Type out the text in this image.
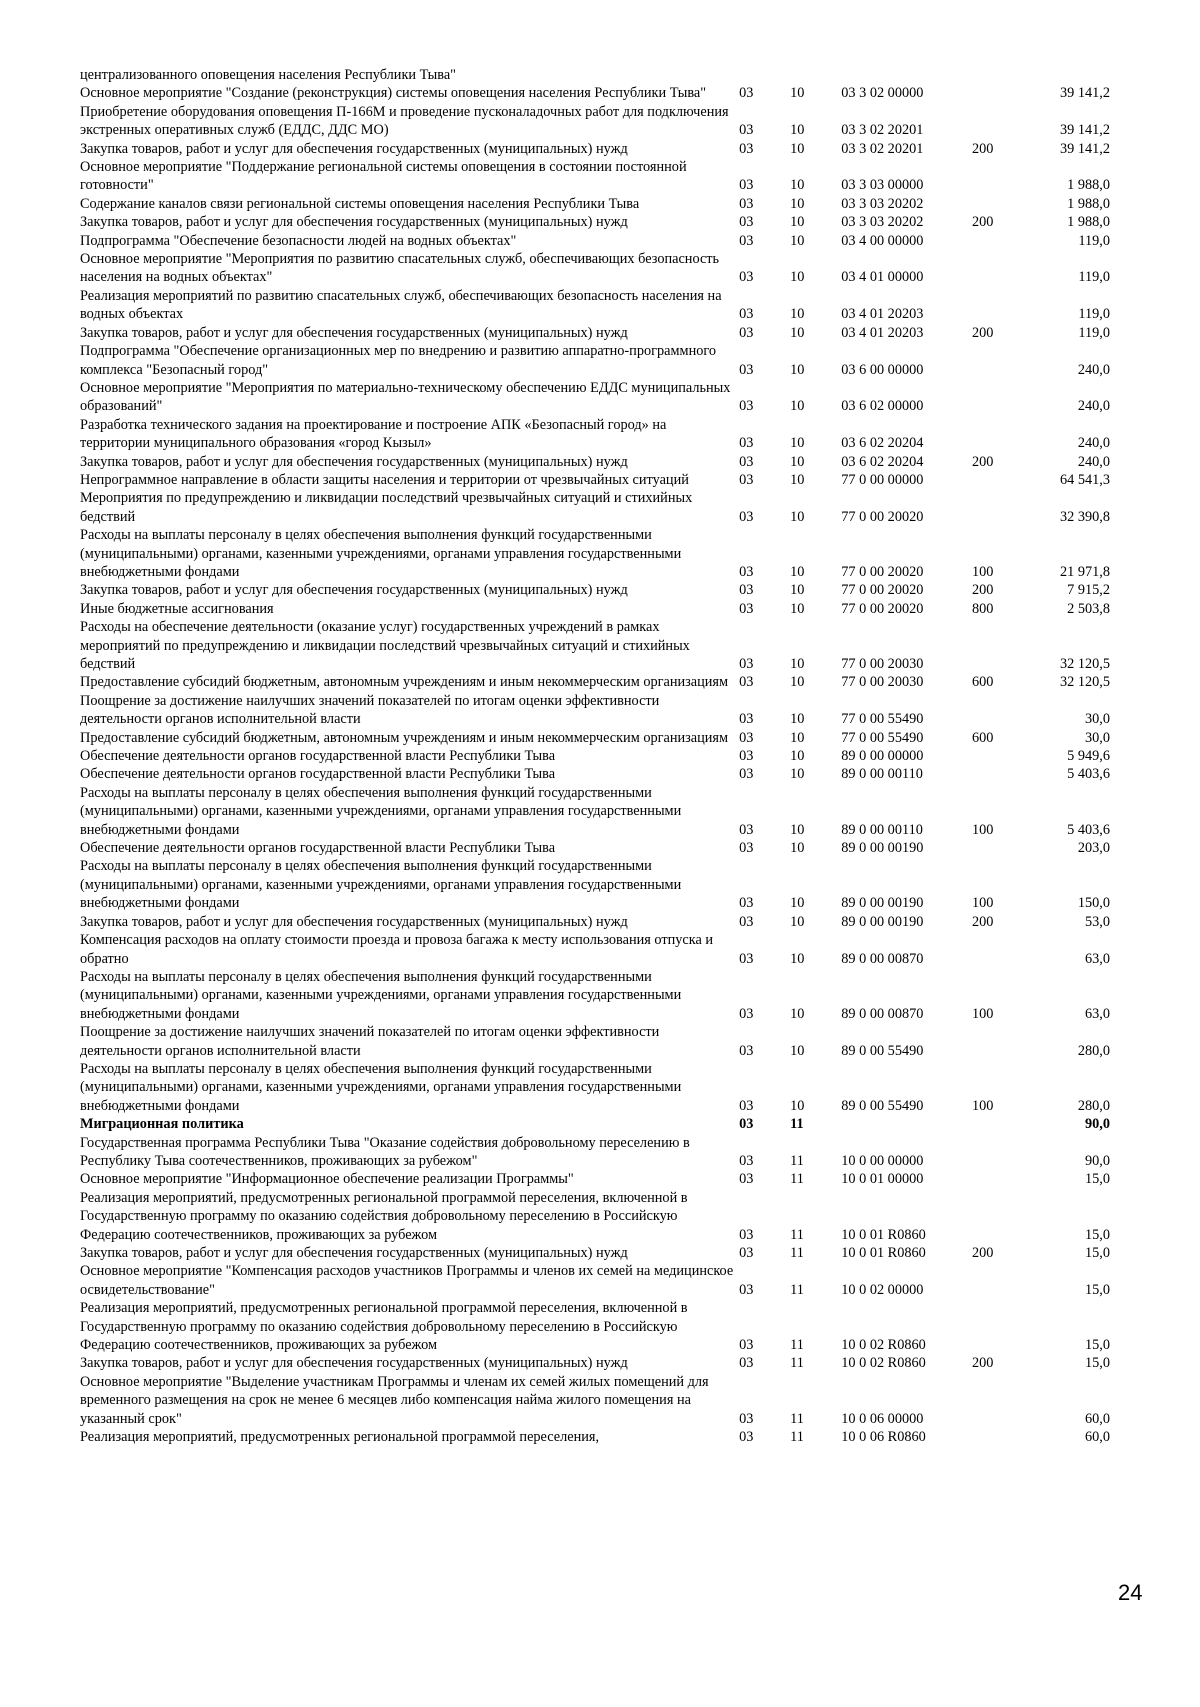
централизованного оповещения населения Республики Тыва"					
Основное мероприятие "Создание (реконструкция) системы оповещения населения Республики Тыва"	03	10	03 3 02 00000		39 141,2
Приобретение оборудования оповещения П-166М и проведение пусконаладочных работ для подключения экстренных оперативных служб (ЕДДС, ДДС МО)	03	10	03 3 02 20201		39 141,2
Закупка товаров, работ и услуг для обеспечения государственных (муниципальных) нужд	03	10	03 3 02 20201	200	39 141,2
Основное мероприятие "Поддержание региональной системы оповещения в состоянии постоянной готовности"	03	10	03 3 03 00000		1 988,0
Содержание каналов связи региональной системы оповещения населения Республики Тыва	03	10	03 3 03 20202		1 988,0
Закупка товаров, работ и услуг для обеспечения государственных (муниципальных) нужд	03	10	03 3 03 20202	200	1 988,0
Подпрограмма "Обеспечение безопасности людей на водных объектах"	03	10	03 4 00 00000		119,0
Основное мероприятие "Мероприятия по развитию спасательных служб, обеспечивающих безопасность населения на водных объектах"	03	10	03 4 01 00000		119,0
Реализация мероприятий по развитию спасательных служб, обеспечивающих безопасность населения на водных объектах	03	10	03 4 01 20203		119,0
Закупка товаров, работ и услуг для обеспечения государственных (муниципальных) нужд	03	10	03 4 01 20203	200	119,0
Подпрограмма "Обеспечение организационных мер по внедрению и развитию аппаратно-программного комплекса "Безопасный город"	03	10	03 6 00 00000		240,0
Основное мероприятие "Мероприятия по материально-техническому обеспечению ЕДДС муниципальных образований"	03	10	03 6 02 00000		240,0
Разработка технического задания на проектирование и построение АПК «Безопасный город» на территории муниципального образования «город Кызыл»	03	10	03 6 02 20204		240,0
Закупка товаров, работ и услуг для обеспечения государственных (муниципальных) нужд	03	10	03 6 02 20204	200	240,0
Непрограммное направление в области защиты населения и территории от чрезвычайных ситуаций	03	10	77 0 00 00000		64 541,3
Мероприятия по предупреждению и ликвидации последствий чрезвычайных ситуаций и стихийных бедствий	03	10	77 0 00 20020		32 390,8
Расходы на выплаты персоналу в целях обеспечения выполнения функций государственными (муниципальными) органами, казенными учреждениями, органами управления государственными внебюджетными фондами	03	10	77 0 00 20020	100	21 971,8
Закупка товаров, работ и услуг для обеспечения государственных (муниципальных) нужд	03	10	77 0 00 20020	200	7 915,2
Иные бюджетные ассигнования	03	10	77 0 00 20020	800	2 503,8
Расходы на обеспечение деятельности (оказание услуг) государственных учреждений в рамках мероприятий по предупреждению и ликвидации последствий чрезвычайных ситуаций и стихийных бедствий	03	10	77 0 00 20030		32 120,5
Предоставление субсидий бюджетным, автономным учреждениям и иным некоммерческим организациям	03	10	77 0 00 20030	600	32 120,5
Поощрение за достижение наилучших значений показателей по итогам оценки эффективности деятельности органов исполнительной власти	03	10	77 0 00 55490		30,0
Предоставление субсидий бюджетным, автономным учреждениям и иным некоммерческим организациям	03	10	77 0 00 55490	600	30,0
Обеспечение деятельности органов государственной власти Республики Тыва	03	10	89 0 00 00000		5 949,6
Обеспечение деятельности органов государственной власти Республики Тыва	03	10	89 0 00 00110		5 403,6
Расходы на выплаты персоналу в целях обеспечения выполнения функций государственными (муниципальными) органами, казенными учреждениями, органами управления государственными внебюджетными фондами	03	10	89 0 00 00110	100	5 403,6
Обеспечение деятельности органов государственной власти Республики Тыва	03	10	89 0 00 00190		203,0
Расходы на выплаты персоналу в целях обеспечения выполнения функций государственными (муниципальными) органами, казенными учреждениями, органами управления государственными внебюджетными фондами	03	10	89 0 00 00190	100	150,0
Закупка товаров, работ и услуг для обеспечения государственных (муниципальных) нужд	03	10	89 0 00 00190	200	53,0
Компенсация расходов на оплату стоимости проезда и провоза багажа к месту использования отпуска и обратно	03	10	89 0 00 00870		63,0
Расходы на выплаты персоналу в целях обеспечения выполнения функций государственными (муниципальными) органами, казенными учреждениями, органами управления государственными внебюджетными фондами	03	10	89 0 00 00870	100	63,0
Поощрение за достижение наилучших значений показателей по итогам оценки эффективности деятельности органов исполнительной власти	03	10	89 0 00 55490		280,0
Расходы на выплаты персоналу в целях обеспечения выполнения функций государственными (муниципальными) органами, казенными учреждениями, органами управления государственными внебюджетными фондами	03	10	89 0 00 55490	100	280,0
Миграционная политика	03	11			90,0
Государственная программа Республики Тыва "Оказание содействия добровольному переселению в Республику Тыва соотечественников, проживающих за рубежом"	03	11	10 0 00 00000		90,0
Основное мероприятие "Информационное обеспечение реализации Программы"	03	11	10 0 01 00000		15,0
Реализация мероприятий, предусмотренных региональной программой переселения, включенной в Государственную программу по оказанию содействия добровольному переселению в Российскую Федерацию соотечественников, проживающих за рубежом	03	11	10 0 01 R0860		15,0
Закупка товаров, работ и услуг для обеспечения государственных (муниципальных) нужд	03	11	10 0 01 R0860	200	15,0
Основное мероприятие "Компенсация расходов участников Программы и членов их семей на медицинское освидетельствование"	03	11	10 0 02 00000		15,0
Реализация мероприятий, предусмотренных региональной программой переселения, включенной в Государственную программу по оказанию содействия добровольному переселению в Российскую Федерацию соотечественников, проживающих за рубежом	03	11	10 0 02 R0860		15,0
Закупка товаров, работ и услуг для обеспечения государственных (муниципальных) нужд	03	11	10 0 02 R0860	200	15,0
Основное мероприятие "Выделение участникам Программы и членам их семей жилых помещений для временного размещения на срок не менее 6 месяцев либо компенсация найма жилого помещения на указанный срок"	03	11	10 0 06 00000		60,0
Реализация мероприятий, предусмотренных региональной программой переселения,	03	11	10 0 06 R0860		60,0
24
